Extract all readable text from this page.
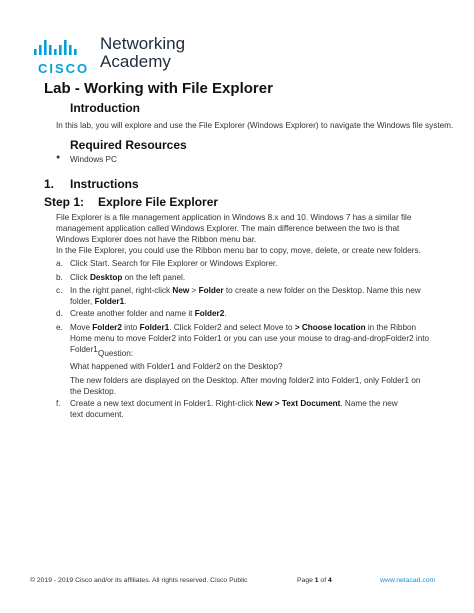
CISCO
Networking
Academy
Lab - Working with File Explorer
Introduction
In this lab, you will explore and use the File Explorer (Windows Explorer) to navigate the Windows file system.
Required Resources
● Windows PC
1. Instructions
Step 1: Explore File Explorer
File Explorer is a file management application in Windows 8.x and 10. Windows 7 has a similar file management application called Windows Explorer. The main difference between the two is that Windows Explorer does not have the Ribbon menu bar.
In the File Explorer, you could use the Ribbon menu bar to copy, move, delete, or create new folders.
a. Click Start. Search for File Explorer or Windows Explorer.
b. Click Desktop on the left panel.
c. In the right panel, right-click New > Folder to create a new folder on the Desktop. Name this new folder, Folder1.
d. Create another folder and name it Folder2.
e. Move Folder2 into Folder1. Click Folder2 and select Move to > Choose location in the Ribbon Home menu to move Folder2 into Folder1 or you can use your mouse to drag-and-dropFolder2 into Folder1.
Question:
What happened with Folder1 and Folder2 on the Desktop?
The new folders are displayed on the Desktop. After moving folder2 into Folder1, only Folder1 on the Desktop.
f. Create a new text document in Folder1. Right-click New > Text Document. Name the new text document.
© 2019 - 2019 Cisco and/or its affiliates. All rights reserved. Cisco Public	Page 1 of 4	www.netacad.com
